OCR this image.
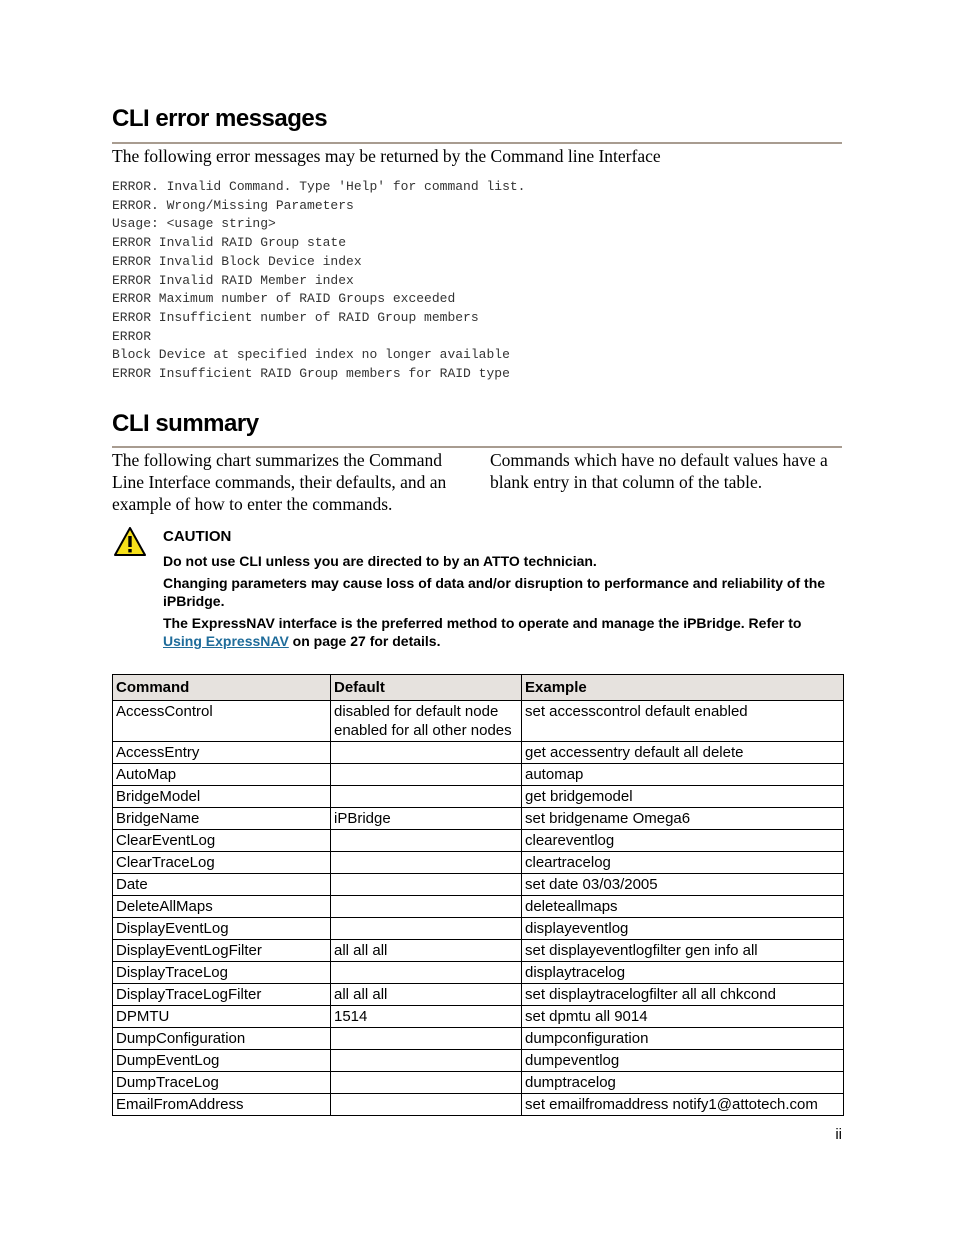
CLI error messages

The following error messages may be returned by the Command line Interface

ERROR. Invalid Command. Type 'Help' for command list.
ERROR. Wrong/Missing Parameters
Usage: <usage string>
ERROR Invalid RAID Group state
ERROR Invalid Block Device index
ERROR Invalid RAID Member index
ERROR Maximum number of RAID Groups exceeded
ERROR Insufficient number of RAID Group members
ERROR
Block Device at specified index no longer available
ERROR Insufficient RAID Group members for RAID type
CLI summary

The following chart summarizes the Command Line Interface commands, their defaults, and an example of how to enter the commands.

Commands which have no default values have a blank entry in that column of the table.

CAUTION

Do not use CLI unless you are directed to by an ATTO technician.

Changing parameters may cause loss of data and/or disruption to performance and reliability of the iPBridge.

The ExpressNAV interface is the preferred method to operate and manage the iPBridge. Refer to Using ExpressNAV on page 27 for details.

Command	Default	Example
AccessControl	disabled for default node enabled for all other nodes	set accesscontrol default enabled
AccessEntry		get accessentry default all delete
AutoMap		automap
BridgeModel		get bridgemodel
BridgeName	iPBridge	set bridgename Omega6
ClearEventLog		cleareventlog
ClearTraceLog		cleartracelog
Date		set date 03/03/2005
DeleteAllMaps		deleteallmaps
DisplayEventLog		displayeventlog
DisplayEventLogFilter	all all all	set displayeventlogfilter gen info all
DisplayTraceLog		displaytracelog
DisplayTraceLogFilter	all all all	set displaytracelogfilter all all chkcond
DPMTU	1514	set dpmtu all 9014
DumpConfiguration		dumpconfiguration
DumpEventLog		dumpeventlog
DumpTraceLog		dumptracelog
EmailFromAddress		set emailfromaddress notify1@attotech.com
ii
